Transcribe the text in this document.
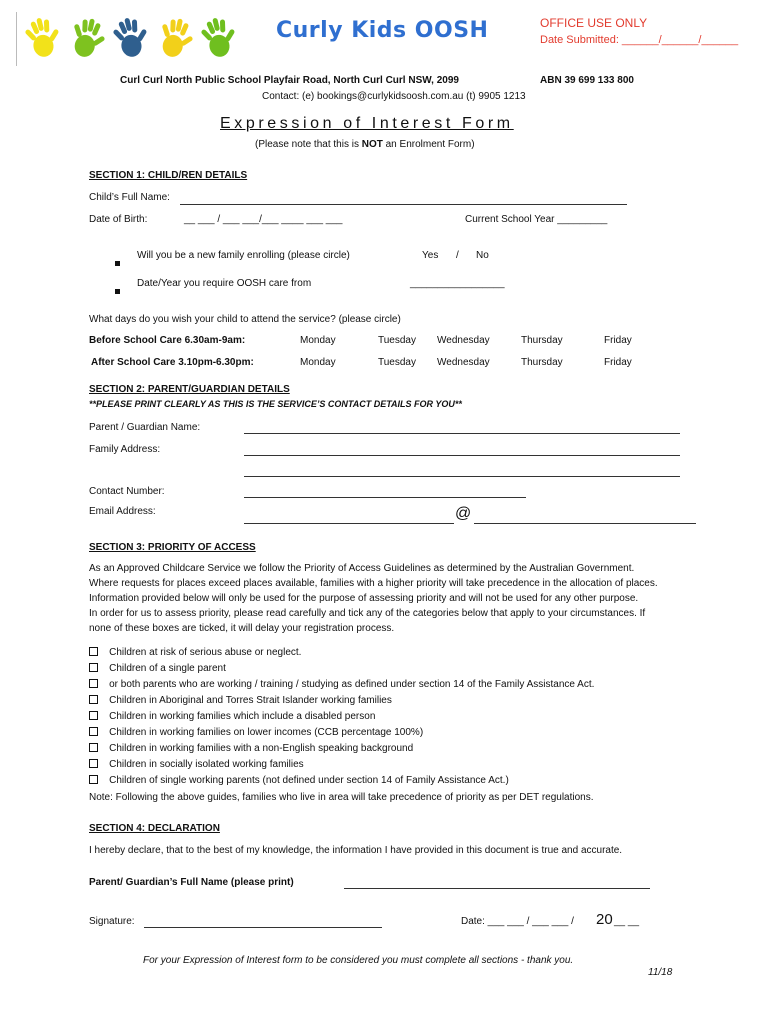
Curly Kids OOSH	OFFICE USE ONLY
Date Submitted: ______/______/______
Curl Curl North Public School Playfair Road, North Curl Curl NSW, 2099	ABN 39 699 133 800
Contact: (e) bookings@curlykidsoosh.com.au (t) 9905 1213
Expression of Interest Form
(Please note that this is NOT an Enrolment Form)
SECTION 1: CHILD/REN DETAILS
Child’s Full Name:
Date of Birth:	__ ___ / ___ ___/___ ____ ___ ___	Current School Year _________
Will you be a new family enrolling (please circle)	Yes / No
Date/Year you require OOSH care from	_________________
What days do you wish your child to attend the service? (please circle)
Before School Care 6.30am-9am:	Monday	Tuesday Wednesday	Thursday	Friday
After School Care 3.10pm-6.30pm:	Monday	Tuesday Wednesday	Thursday	Friday
SECTION 2: PARENT/GUARDIAN DETAILS
**PLEASE PRINT CLEARLY AS THIS IS THE SERVICE’S CONTACT DETAILS FOR YOU**
Parent / Guardian Name:
Family Address:
Contact Number:
Email Address:	@
SECTION 3: PRIORITY OF ACCESS
As an Approved Childcare Service we follow the Priority of Access Guidelines as determined by the Australian Government.
Where requests for places exceed places available, families with a higher priority will take precedence in the allocation of places.
Information provided below will only be used for the purpose of assessing priority and will not be used for any other purpose.
In order for us to assess priority, please read carefully and tick any of the categories below that apply to your circumstances. If
none of these boxes are ticked, it will delay your registration process.
Children at risk of serious abuse or neglect.
Children of a single parent
or both parents who are working / training / studying as defined under section 14 of the Family Assistance Act.
Children in Aboriginal and Torres Strait Islander working families
Children in working families which include a disabled person
Children in working families on lower incomes (CCB percentage 100%)
Children in working families with a non-English speaking background
Children in socially isolated working families
Children of single working parents (not defined under section 14 of Family Assistance Act.)
Note: Following the above guides, families who live in area will take precedence of priority as per DET regulations.
SECTION 4: DECLARATION
I hereby declare, that to the best of my knowledge, the information I have provided in this document is true and accurate.
Parent/ Guardian’s Full Name (please print)
Signature:	Date: ___ ___ / ___ ___ / 20 __ __
For your Expression of Interest form to be considered you must complete all sections - thank you.
11/18
